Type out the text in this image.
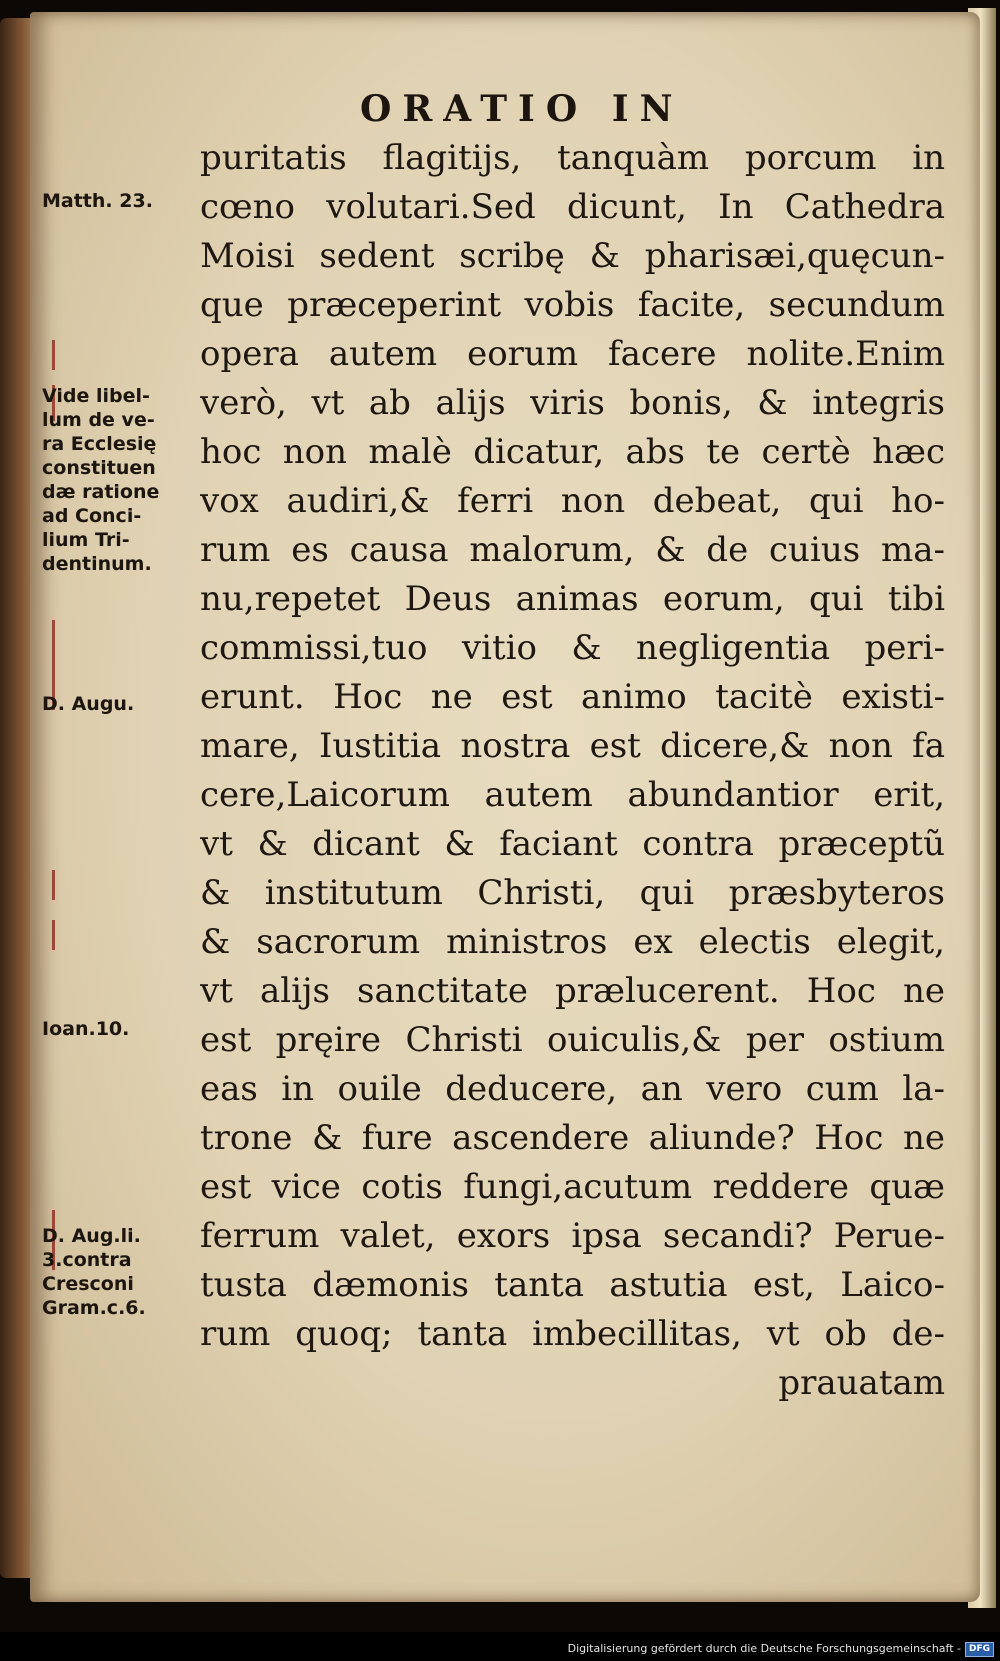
ORATIO IN
puritatis flagitijs, tanquàm porcum in
cœno volutari.Sed dicunt, In Cathedra
Moisi sedent scribę & pharisæi,quęcun-
que præceperint vobis facite, secundum
opera autem eorum facere nolite.Enim
verò, vt ab alijs viris bonis, & integris
hoc non malè dicatur, abs te certè hæc
vox audiri,& ferri non debeat, qui ho-
rum es causa malorum, & de cuius ma-
nu,repetet Deus animas eorum, qui tibi
commissi,tuo vitio & negligentia peri-
erunt. Hoc ne est animo tacitè existi-
mare, Iustitia nostra est dicere,& non fa
cere,Laicorum autem abundantior erit,
vt & dicant & faciant contra præceptũ
& institutum Christi, qui præsbyteros
& sacrorum ministros ex electis elegit,
vt alijs sanctitate prælucerent. Hoc ne
est pręire Christi ouiculis,& per ostium
eas in ouile deducere, an vero cum la-
trone & fure ascendere aliunde? Hoc ne
est vice cotis fungi,acutum reddere quæ
ferrum valet, exors ipsa secandi? Perue-
tusta dæmonis tanta astutia est, Laico-
rum quoq; tanta imbecillitas, vt ob de-
prauatam
Matth. 23.
Vide libel-
lum de ve-
ra Ecclesię
constituen
dæ ratione
ad Conci-
lium Tri-
dentinum.
D. Augu.
Ioan.10.
D. Aug.li.
3.contra
Cresconi
Gram.c.6.
Digitalisierung gefördert durch die Deutsche Forschungsgemeinschaft - DFG
